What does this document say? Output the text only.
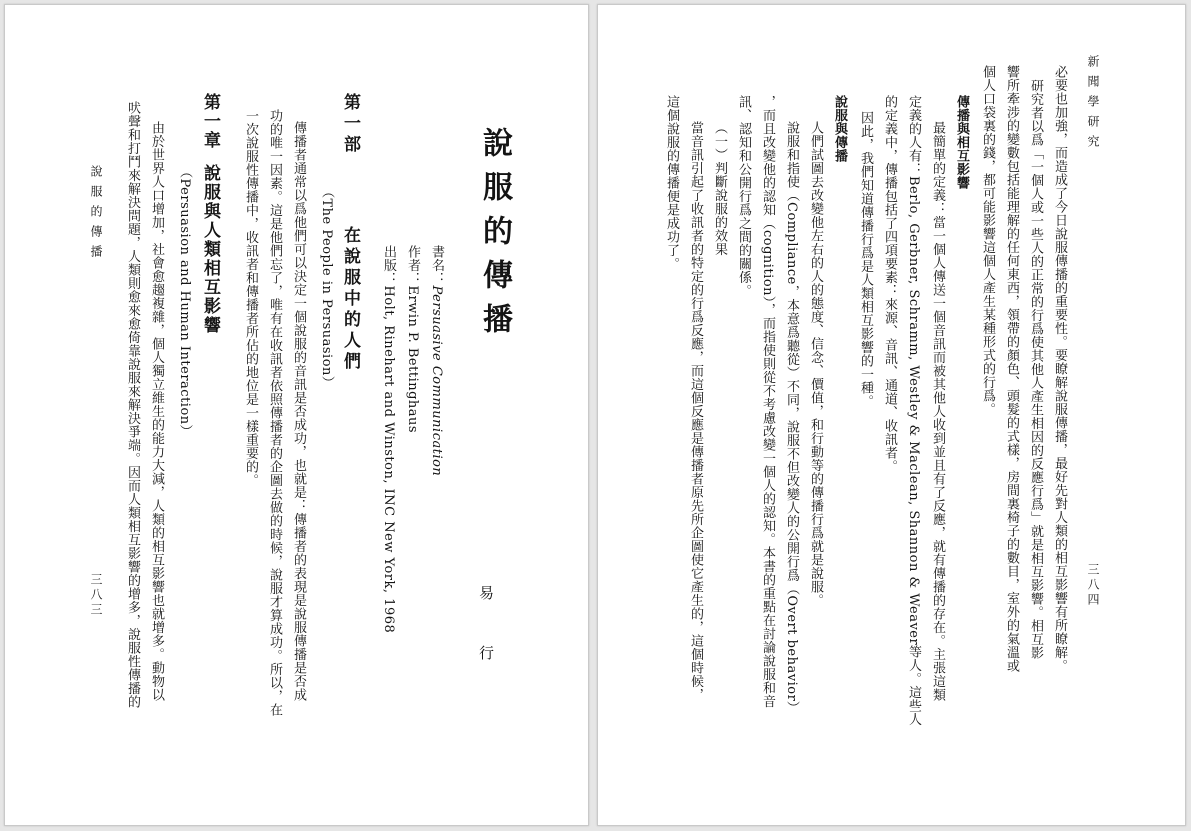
說服的傳播
易 行
書名：Persuasive Communication
作者：Erwin P. Bettinghaus
出版：Holt, Rinehart and Winston, INC New York, 1968
第一部在說服中的人們
（The People in Persuasion）
傳播者通常以爲他們可以決定一個說服的音訊是否成功，也就是：傳播者的表現是說服傳播是否成
功的唯一因素。這是他們忘了，唯有在收訊者依照傳播者的企圖去做的時候，說服才算成功。所以，在
一次說服性傳播中，收訊者和傳播者所佔的地位是一樣重要的。
第一章說服與人類相互影響
（Persuasion and Human Interaction）
由於世界人口增加，社會愈趨複雜，個人獨立維生的能力大減，人類的相互影響也就增多。動物以
吠聲和打鬥來解決問題，人類則愈來愈倚靠說服來解決爭端。因而人類相互影響的增多，說服性傳播的
說服的傳播
三八三
新聞學研究
三八四
必要也加強，而造成了今日說服傳播的重要性。要瞭解說服傳播，最好先對人類的相互影響有所瞭解。
研究者以爲「一個人或一些人的正常的行爲使其他人產生相因的反應行爲」就是相互影響。相互影
響所牽涉的變數包括能理解的任何東西，領帶的顏色、頭髮的式樣，房間裏椅子的數目，室外的氣溫或
個人口袋裏的錢，都可能影響這個人產生某種形式的行爲。
傳播與相互影響
最簡單的定義：當一個人傳送一個音訊而被其他人收到並且有了反應，就有傳播的存在。主張這類
定義的人有：Berlo, Gerbner, Schramm, Westley & Maclean, Shannon & Weaver等人。這些人
的定義中，傳播包括了四項要素：來源、音訊、通道、收訊者。
因此，我們知道傳播行爲是人類相互影響的一種。
說服與傳播
人們試圖去改變他左右的人的態度、信念、價值，和行動等的傳播行爲就是說服。
說服和指使（Compliance，本意爲聽從）不同，說服不但改變人的公開行爲（Overt behavior）
，而且改變他的認知（cognition），而指使則從不考慮改變一個人的認知。本書的重點在討論說服和音
訊、認知和公開行爲之間的關係。
（一）判斷說服的效果
當音訊引起了收訊者的特定的行爲反應，而這個反應是傳播者原先所企圖使它產生的，這個時候，
這個說服的傳播便是成功了。
